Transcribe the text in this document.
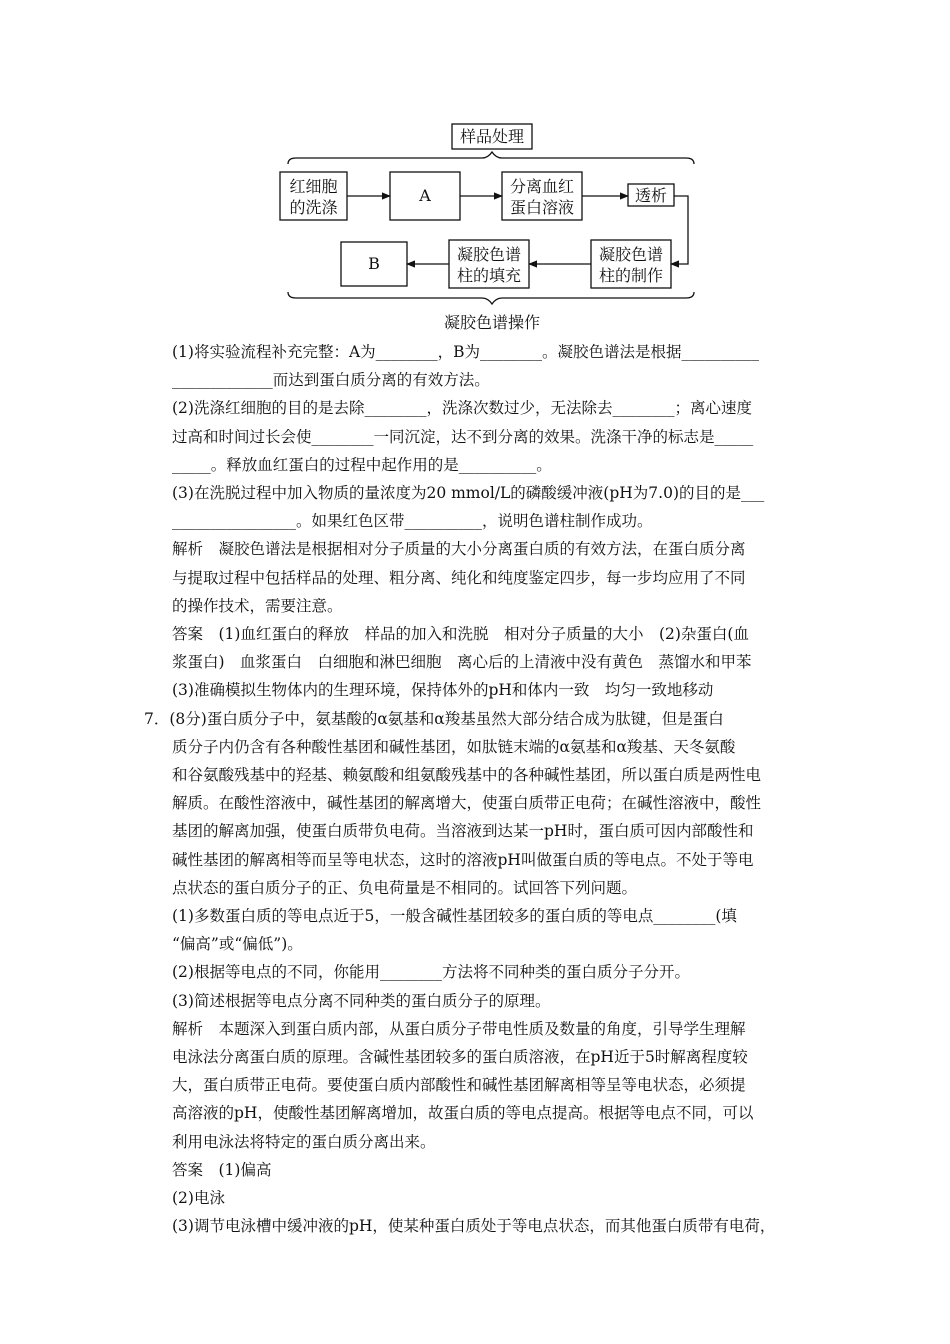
样品处理
红细胞
的洗涤
A	分离血红
蛋白溶液
透析
凝胶色谱
柱的制作
凝胶色谱
柱的填充
B
凝胶色谱操作

(1)将实验流程补充完整：A为________，B为________。凝胶色谱法是根据__________

_____________而达到蛋白质分离的有效方法。

(2)洗涤红细胞的目的是去除________，洗涤次数过少，无法除去________；离心速度

过高和时间过长会使________一同沉淀，达不到分离的效果。洗涤干净的标志是_____

_____。释放血红蛋白的过程中起作用的是__________。

(3)在洗脱过程中加入物质的量浓度为20 mmol/L的磷酸缓冲液(pH为7.0)的目的是___

________________。如果红色区带__________，说明色谱柱制作成功。

解析　凝胶色谱法是根据相对分子质量的大小分离蛋白质的有效方法，在蛋白质分离

与提取过程中包括样品的处理、粗分离、纯化和纯度鉴定四步，每一步均应用了不同

的操作技术，需要注意。

答案　(1)血红蛋白的释放　样品的加入和洗脱　相对分子质量的大小　(2)杂蛋白(血

浆蛋白)　血浆蛋白　白细胞和淋巴细胞　离心后的上清液中没有黄色　蒸馏水和甲苯

(3)准确模拟生物体内的生理环境，保持体外的pH和体内一致　均匀一致地移动

7．(8分)蛋白质分子中，氨基酸的α氨基和α羧基虽然大部分结合成为肽键，但是蛋白

质分子内仍含有各种酸性基团和碱性基团，如肽链末端的α氨基和α羧基、天冬氨酸

和谷氨酸残基中的羟基、赖氨酸和组氨酸残基中的各种碱性基团，所以蛋白质是两性电

解质。在酸性溶液中，碱性基团的解离增大，使蛋白质带正电荷；在碱性溶液中，酸性

基团的解离加强，使蛋白质带负电荷。当溶液到达某一pH时，蛋白质可因内部酸性和

碱性基团的解离相等而呈等电状态，这时的溶液pH叫做蛋白质的等电点。不处于等电

点状态的蛋白质分子的正、负电荷量是不相同的。试回答下列问题。

(1)多数蛋白质的等电点近于5，一般含碱性基团较多的蛋白质的等电点________(填

“偏高”或“偏低”)。

(2)根据等电点的不同，你能用________方法将不同种类的蛋白质分子分开。

(3)简述根据等电点分离不同种类的蛋白质分子的原理。

解析　本题深入到蛋白质内部，从蛋白质分子带电性质及数量的角度，引导学生理解

电泳法分离蛋白质的原理。含碱性基团较多的蛋白质溶液，在pH近于5时解离程度较

大，蛋白质带正电荷。要使蛋白质内部酸性和碱性基团解离相等呈等电状态，必须提

高溶液的pH，使酸性基团解离增加，故蛋白质的等电点提高。根据等电点不同，可以

利用电泳法将特定的蛋白质分离出来。

答案　(1)偏高

(2)电泳

(3)调节电泳槽中缓冲液的pH，使某种蛋白质处于等电点状态，而其他蛋白质带有电荷，
